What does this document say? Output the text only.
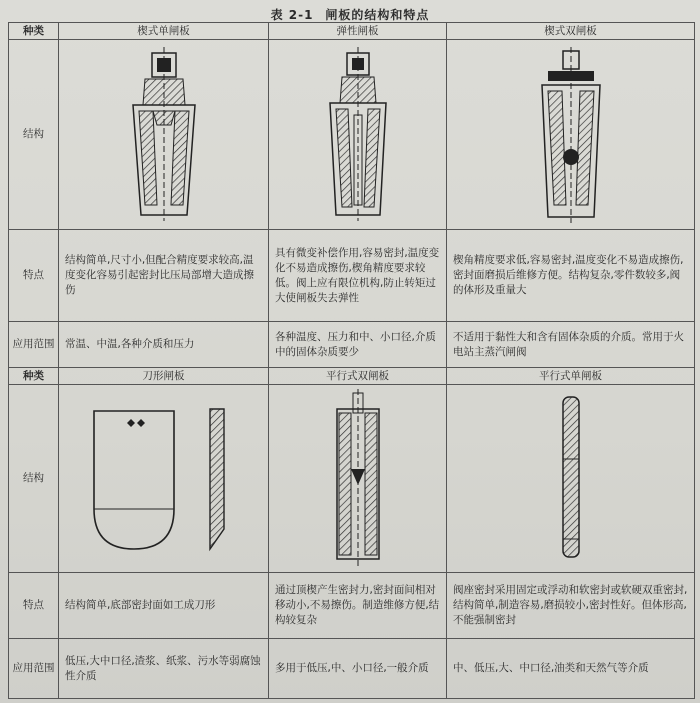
表 2-1 闸板的结构和特点
种类	楔式单闸板	弹性闸板	楔式双闸板
结构	

特点	结构简单,尺寸小,但配合精度要求较高,温度变化容易引起密封比压局部增大造成擦伤	具有微变补偿作用,容易密封,温度变化不易造成擦伤,楔角精度要求较低。阀上应有限位机构,防止转矩过大使闸板失去弹性	楔角精度要求低,容易密封,温度变化不易造成擦伤,密封面磨损后维修方便。结构复杂,零件数较多,阀的体形及重量大
应用范围	常温、中温,各种介质和压力	各种温度、压力和中、小口径,介质中的固体杂质要少	不适用于黏性大和含有固体杂质的介质。常用于火电站主蒸汽闸阀
种类	刀形闸板	平行式双闸板	平行式单闸板
结构	

特点	结构简单,底部密封面如工成刀形	通过顶楔产生密封力,密封面间相对移动小,不易擦伤。制造维修方便,结构较复杂	阀座密封采用固定或浮动和软密封或软硬双重密封,结构简单,制造容易,磨损较小,密封性好。但体形高,不能强制密封
应用范围	低压,大中口径,渣浆、纸浆、污水等弱腐蚀性介质	多用于低压,中、小口径,一般介质	中、低压,大、中口径,油类和天然气等介质
